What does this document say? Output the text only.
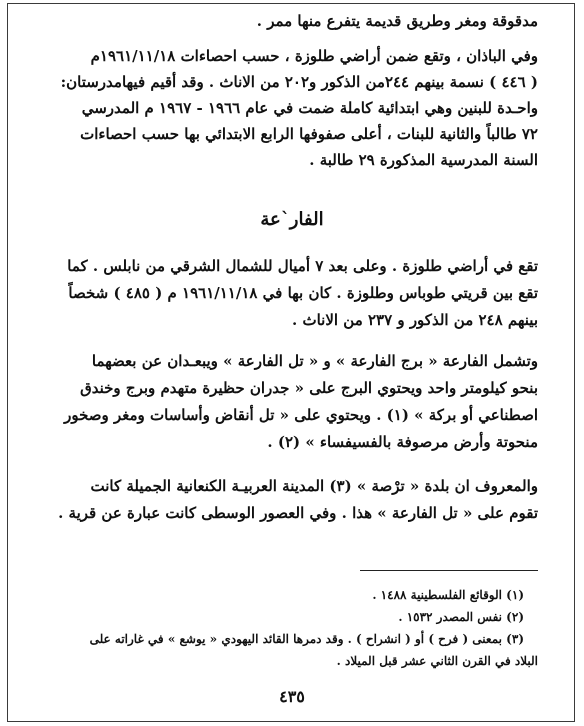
مدقوقة ومغر وطريق قديمة يتفرع منها ممر .
وفي الباذان ، وتقع ضمن أراضي طلوزة ، حسب احصاءات ١٩٦١/١١/١٨م
( ٤٤٦ ) نسمة بينهم ٢٤٤من الذكور و٢٠٢ من الاناث . وقد أقيم فيهامدرستان:
واحـدة للبنين وهي ابتدائية كاملة ضمت في عام ١٩٦٦ - ١٩٦٧ م المدرسي
٧٢ طالباً والثانية للبنات ، أعلى صفوفها الرابع الابتدائي بها حسب احصاءات
السنة المدرسية المذكورة ٢٩ طالبة .
الفار`عة
تقع في أراضي طلوزة . وعلى بعد ٧ أميال للشمال الشرقي من نابلس . كما
تقع بين قريتي طوباس وطلوزة . كان بها في ١٩٦١/١١/١٨ م ( ٤٨٥ ) شخصاً
بينهم ٢٤٨ من الذكور و ٢٣٧ من الاناث .
وتشمل الفارعة « برج الفارعة » و « تل الفارعة » ويبعـدان عن بعضهما
بنحو كيلومتر واحد ويحتوي البرج على « جدران حظيرة متهدم وبرج وخندق
اصطناعي أو بركة » (١) . ويحتوي على « تل أنقاض وأساسات ومغر وصخور
منحوتة وأرض مرصوفة بالفسيفساء » (٢) .
والمعروف ان بلدة « ترْصة » (٣) المدينة العربيـة الكنعانية الجميلة كانت
تقوم على « تل الفارعة » هذا . وفي العصور الوسطى كانت عبارة عن قرية .
(١) الوقائع الفلسطينية ١٤٨٨ .
(٢) نفس المصدر ١٥٣٢ .
(٣) بمعنى ( فرح ) أو ( انشراح ) . وقد دمرها القائد اليهودي « يوشع » في غاراته على
البلاد في القرن الثاني عشر قبل الميلاد .
٤٣٥
